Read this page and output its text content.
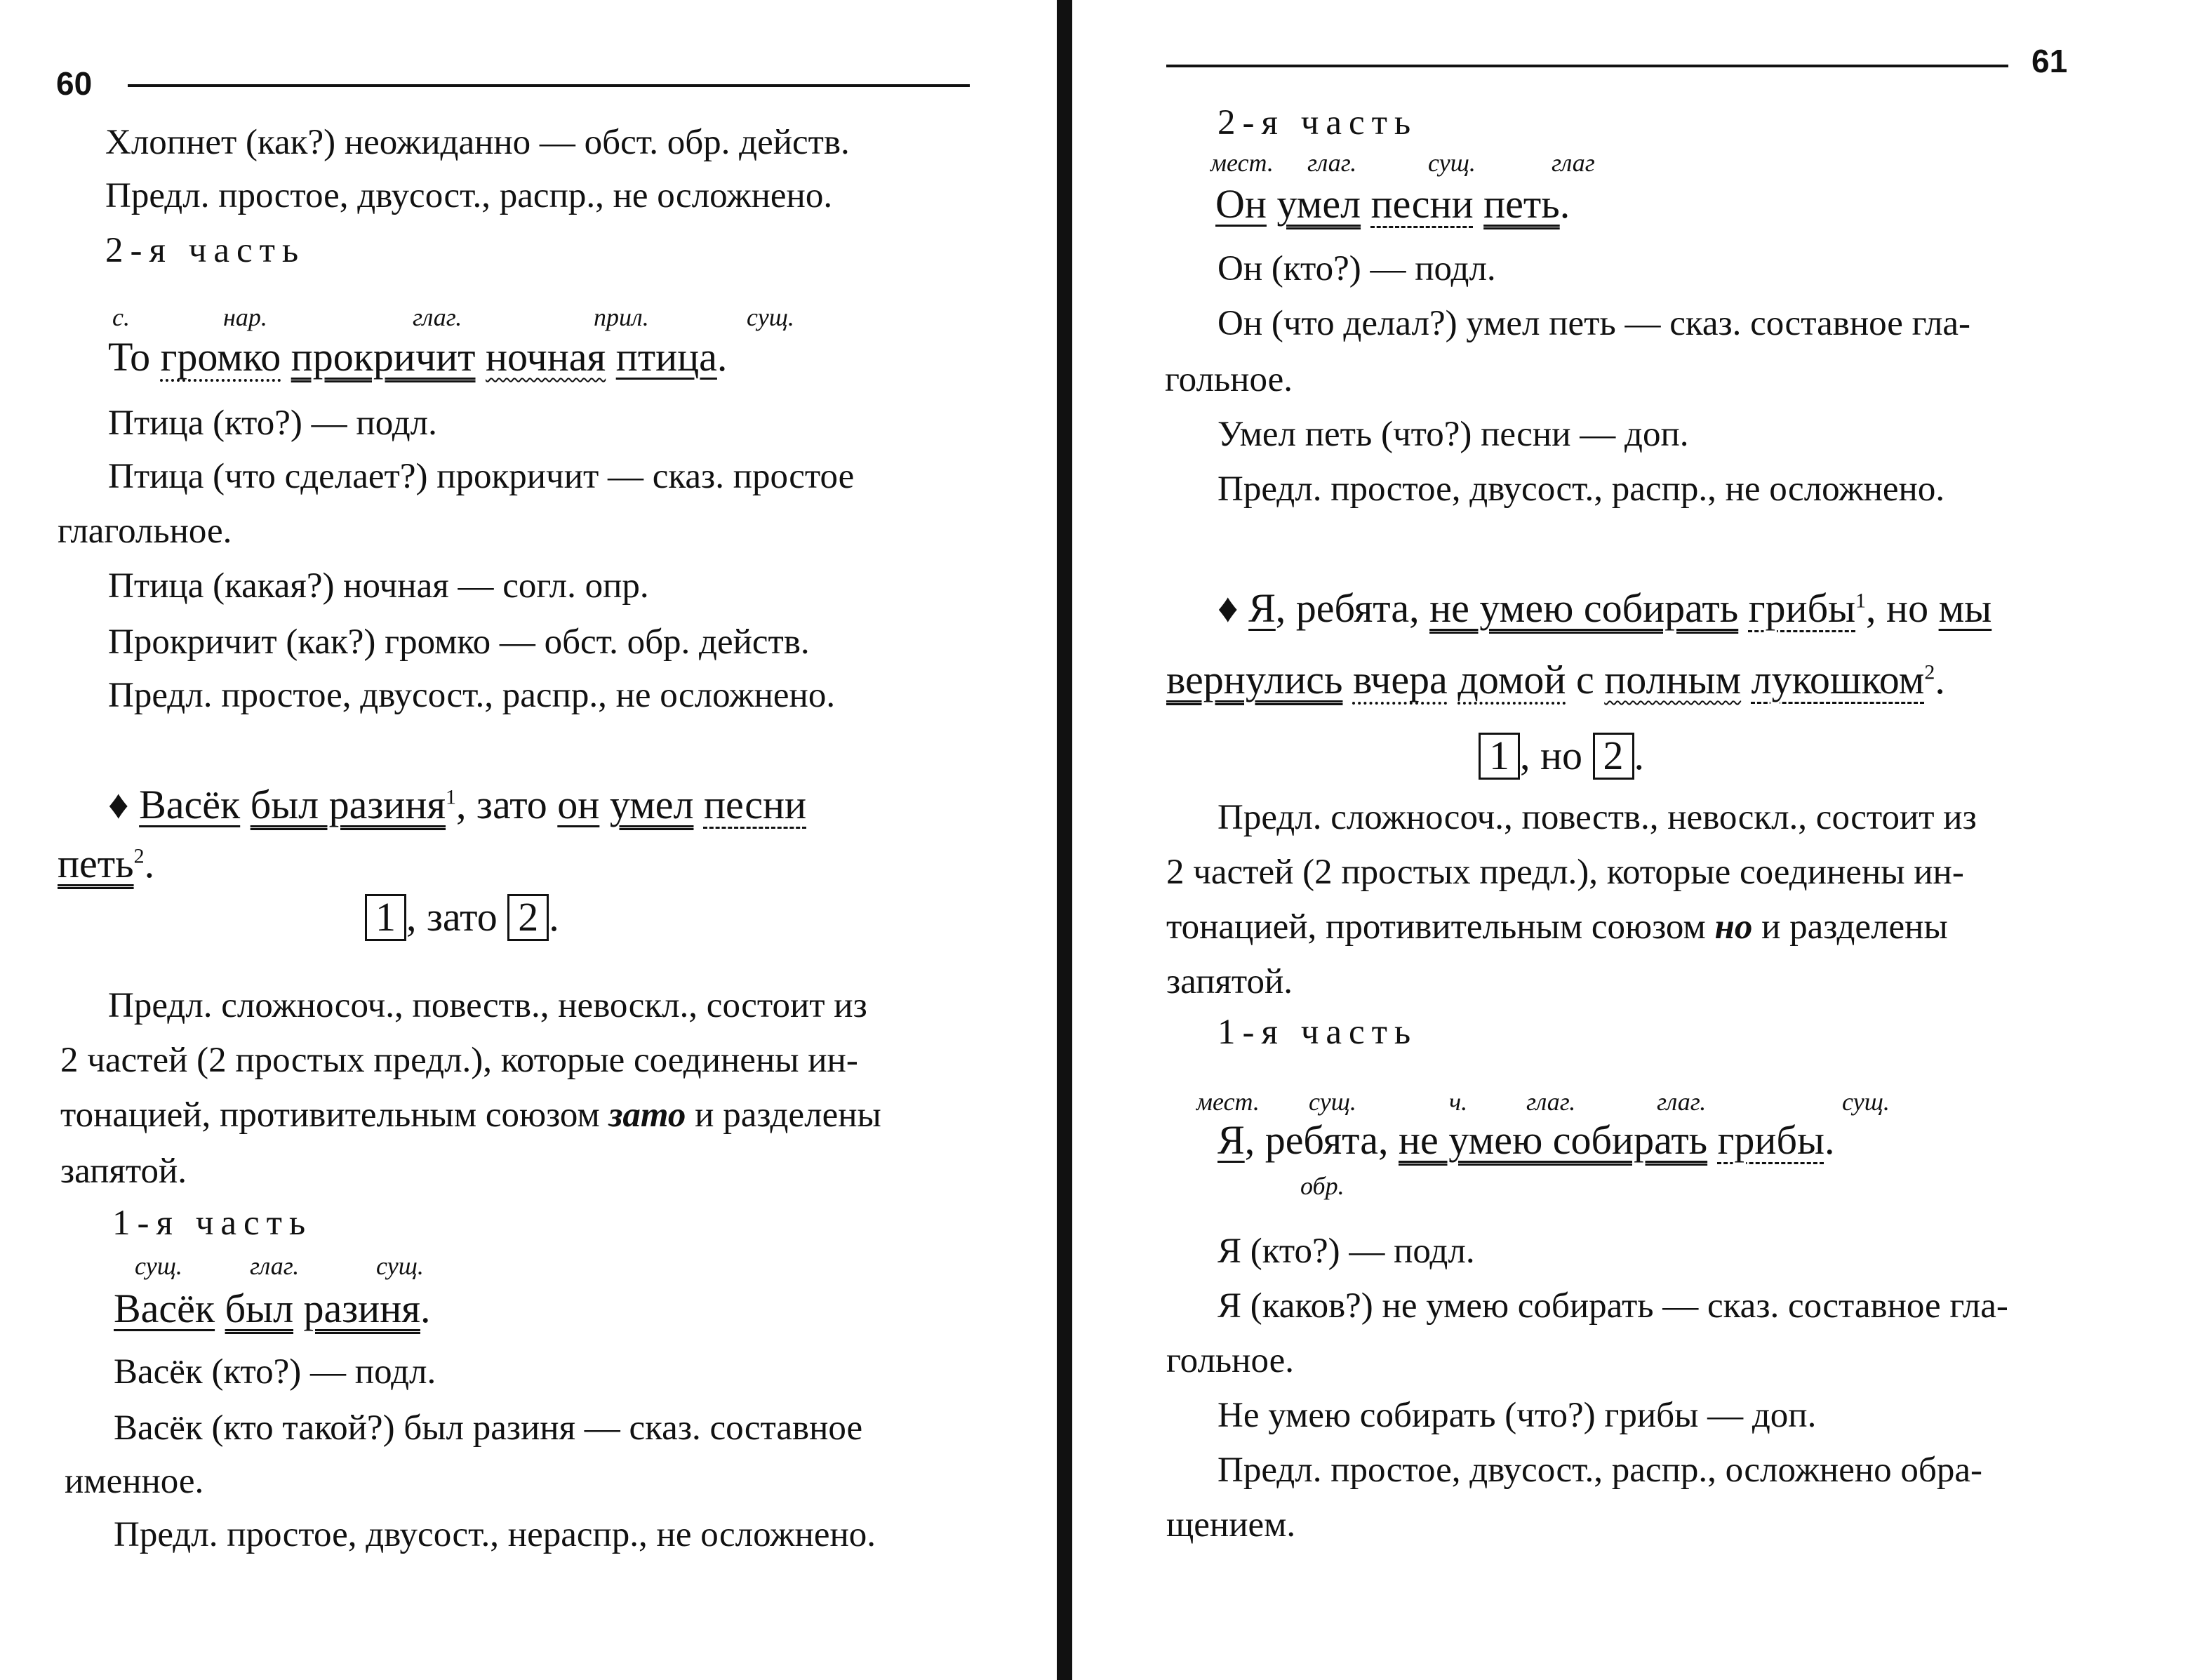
60
Хлопнет (как?) неожиданно — обст. обр. действ.
Предл. простое, двусост., распр., не осложнено.
2-я часть
с.	нар.	глаг.	прил.	сущ.
То громко прокричит ночная птица.
Птица (кто?) — подл.
Птица (что сделает?) прокричит — сказ. простое
глагольное.
Птица (какая?) ночная — согл. опр.
Прокричит (как?) громко — обст. обр. действ.
Предл. простое, двусост., распр., не осложнено.
♦ Васёк был разиня$^1$, зато он умел песни
петь$^2$.
1 , зато 2 .
Предл. сложносоч., повеств., невоскл., состоит из
2 частей (2 простых предл.), которые соединены ин-
тонацией, противительным союзом зато и разделены
запятой.
1-я часть
сущ.	глаг.	сущ.
Васёк был разиня.
Васёк (кто?) — подл.
Васёк (кто такой?) был разиня — сказ. составное
именное.
Предл. простое, двусост., нераспр., не осложнено.
61
2-я часть
мест. глаг.	сущ.	глаг
Он умел песни петь.
Он (кто?) — подл.
Он (что делал?) умел петь — сказ. составное гла-
гольное.
Умел петь (что?) песни — доп.
Предл. простое, двусост., распр., не осложнено.
♦ Я, ребята, не умею собирать грибы$^1$, но мы
вернулись вчера домой с полным лукошком$^2$.
1 , но 2 .
Предл. сложносоч., повеств., невоскл., состоит из
2 частей (2 простых предл.), которые соединены ин-
тонацией, противительным союзом но и разделены
запятой.
1-я часть
мест. сущ.	ч. глаг.	глаг.	сущ.
Я, ребята, не умею собирать грибы.
обр.
Я (кто?) — подл.
Я (каков?) не умею собирать — сказ. составное гла-
гольное.
Не умею собирать (что?) грибы — доп.
Предл. простое, двусост., распр., осложнено обра-
щением.
